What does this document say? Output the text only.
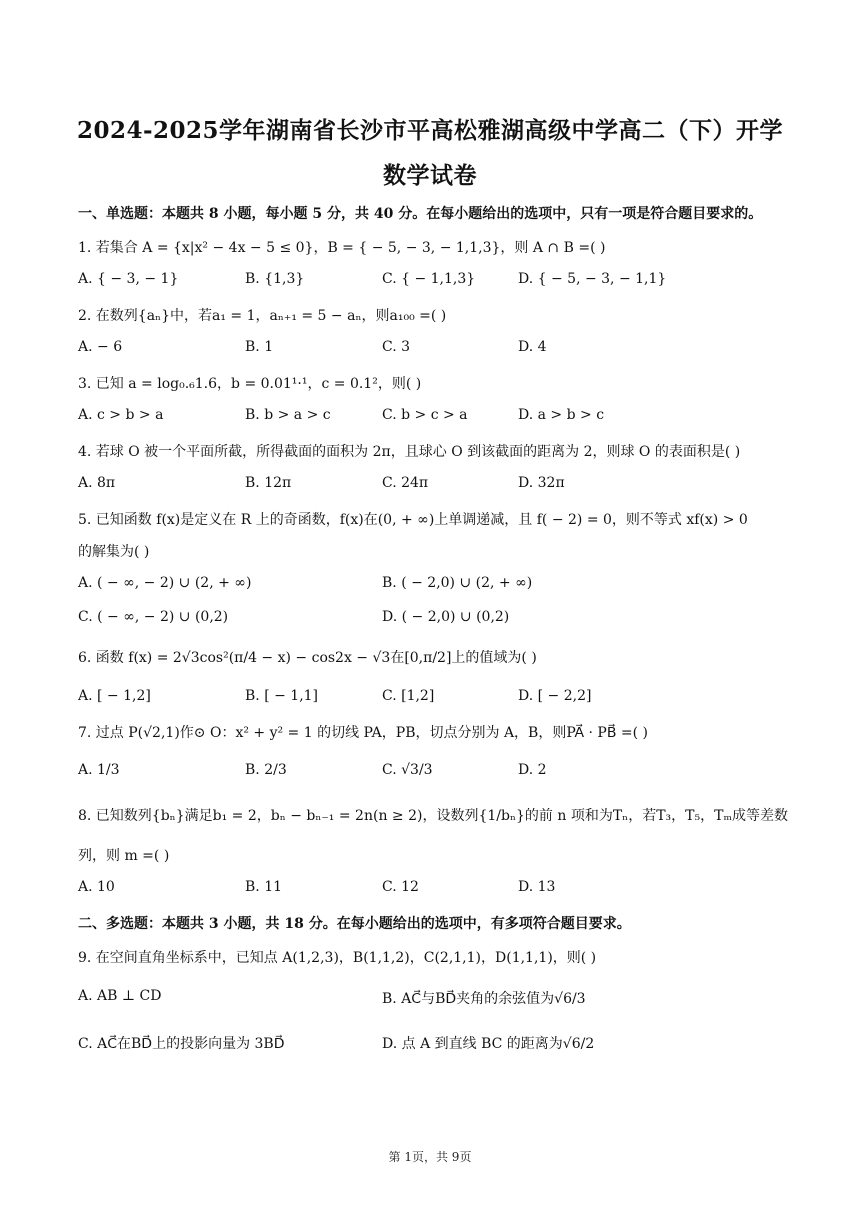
2024-2025学年湖南省长沙市平高松雅湖高级中学高二（下）开学
数学试卷
一、单选题：本题共 8 小题，每小题 5 分，共 40 分。在每小题给出的选项中，只有一项是符合题目要求的。
1. 若集合 A = {x|x² − 4x − 5 ≤ 0}，B = { − 5, − 3, − 1,1,3}，则 A ∩ B =( )
A. { − 3, − 1}	B. {1,3}	C. { − 1,1,3}	D. { − 5, − 3, − 1,1}
2. 在数列{aₙ}中，若a₁ = 1，aₙ₊₁ = 5 − aₙ，则a₁₀₀ =( )
A. − 6	B. 1	C. 3	D. 4
3. 已知 a = log₀.₆1.6，b = 0.01¹·¹，c = 0.1²，则( )
A. c > b > a	B. b > a > c	C. b > c > a	D. a > b > c
4. 若球 O 被一个平面所截，所得截面的面积为 2π，且球心 O 到该截面的距离为 2，则球 O 的表面积是( )
A. 8π	B. 12π	C. 24π	D. 32π
5. 已知函数 f(x)是定义在 R 上的奇函数，f(x)在(0, + ∞)上单调递减，且 f( − 2) = 0，则不等式 xf(x) > 0
的解集为( )
A. ( − ∞, − 2) ∪ (2, + ∞)	B. ( − 2,0) ∪ (2, + ∞)
C. ( − ∞, − 2) ∪ (0,2)	D. ( − 2,0) ∪ (0,2)
6. 函数 f(x) = 2√3cos²(π/4 − x) − cos2x − √3在[0,π/2]上的值域为( )
A. [ − 1,2]	B. [ − 1,1]	C. [1,2]	D. [ − 2,2]
7. 过点 P(√2,1)作⊙ O：x² + y² = 1 的切线 PA，PB，切点分别为 A，B，则PA⃗ · PB⃗ =( )
A. 1/3	B. 2/3	C. √3/3	D. 2
8. 已知数列{bₙ}满足b₁ = 2，bₙ − bₙ₋₁ = 2n(n ≥ 2)，设数列{1/bₙ}的前 n 项和为Tₙ，若T₃，T₅，Tₘ成等差数
列，则 m =( )
A. 10	B. 11	C. 12	D. 13
二、多选题：本题共 3 小题，共 18 分。在每小题给出的选项中，有多项符合题目要求。
9. 在空间直角坐标系中，已知点 A(1,2,3)，B(1,1,2)，C(2,1,1)，D(1,1,1)，则( )
A. AB ⊥ CD	B. AC⃗与BD⃗夹角的余弦值为√6/3
C. AC⃗在BD⃗上的投影向量为 3BD⃗	D. 点 A 到直线 BC 的距离为√6/2
第 1页，共 9页
